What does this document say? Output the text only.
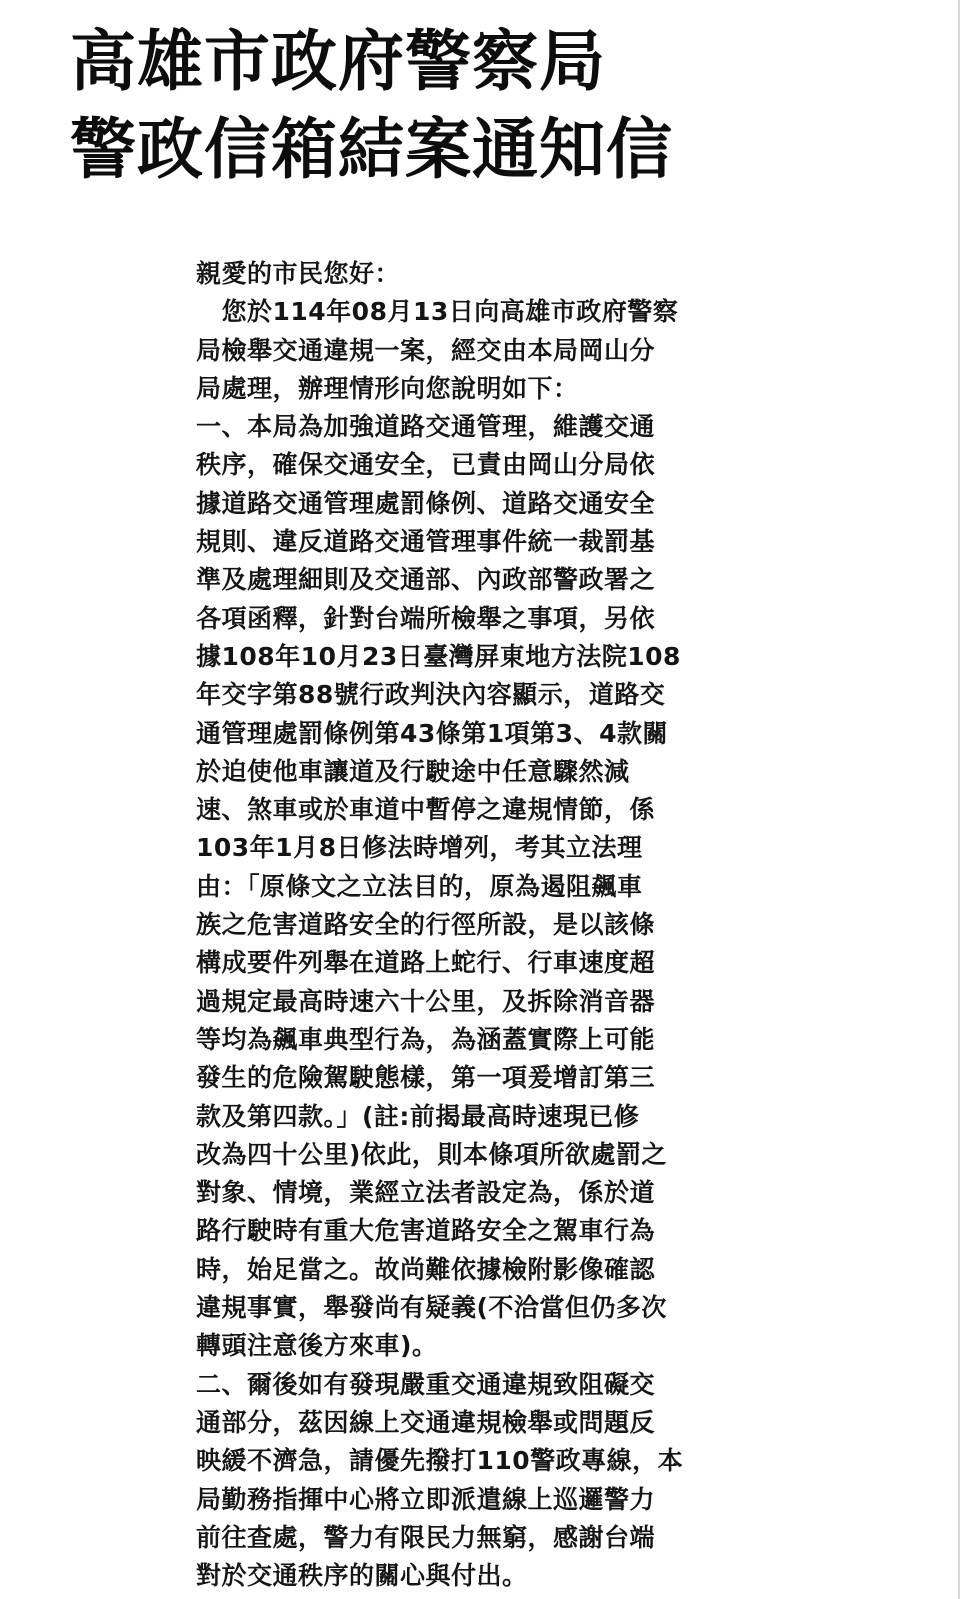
高雄市政府警察局
警政信箱結案通知信
親愛的市民您好：
　您於114年08月13日向高雄市政府警察
局檢舉交通違規一案，經交由本局岡山分
局處理，辦理情形向您說明如下：
一、本局為加強道路交通管理，維護交通
秩序，確保交通安全，已責由岡山分局依
據道路交通管理處罰條例、道路交通安全
規則、違反道路交通管理事件統一裁罰基
準及處理細則及交通部、內政部警政署之
各項函釋，針對台端所檢舉之事項，另依
據108年10月23日臺灣屏東地方法院108
年交字第88號行政判決內容顯示，道路交
通管理處罰條例第43條第1項第3、4款關
於迫使他車讓道及行駛途中任意驟然減
速、煞車或於車道中暫停之違規情節，係
103年1月8日修法時增列，考其立法理
由：「原條文之立法目的，原為遏阻飆車
族之危害道路安全的行徑所設，是以該條
構成要件列舉在道路上蛇行、行車速度超
過規定最高時速六十公里，及拆除消音器
等均為飆車典型行為，為涵蓋實際上可能
發生的危險駕駛態樣，第一項爰增訂第三
款及第四款。」(註:前揭最高時速現已修
改為四十公里)依此，則本條項所欲處罰之
對象、情境，業經立法者設定為，係於道
路行駛時有重大危害道路安全之駕車行為
時，始足當之。故尚難依據檢附影像確認
違規事實，舉發尚有疑義(不洽當但仍多次
轉頭注意後方來車)。
二、爾後如有發現嚴重交通違規致阻礙交
通部分，茲因線上交通違規檢舉或問題反
映緩不濟急，請優先撥打110警政專線，本
局勤務指揮中心將立即派遣線上巡邏警力
前往查處，警力有限民力無窮，感謝台端
對於交通秩序的關心與付出。
